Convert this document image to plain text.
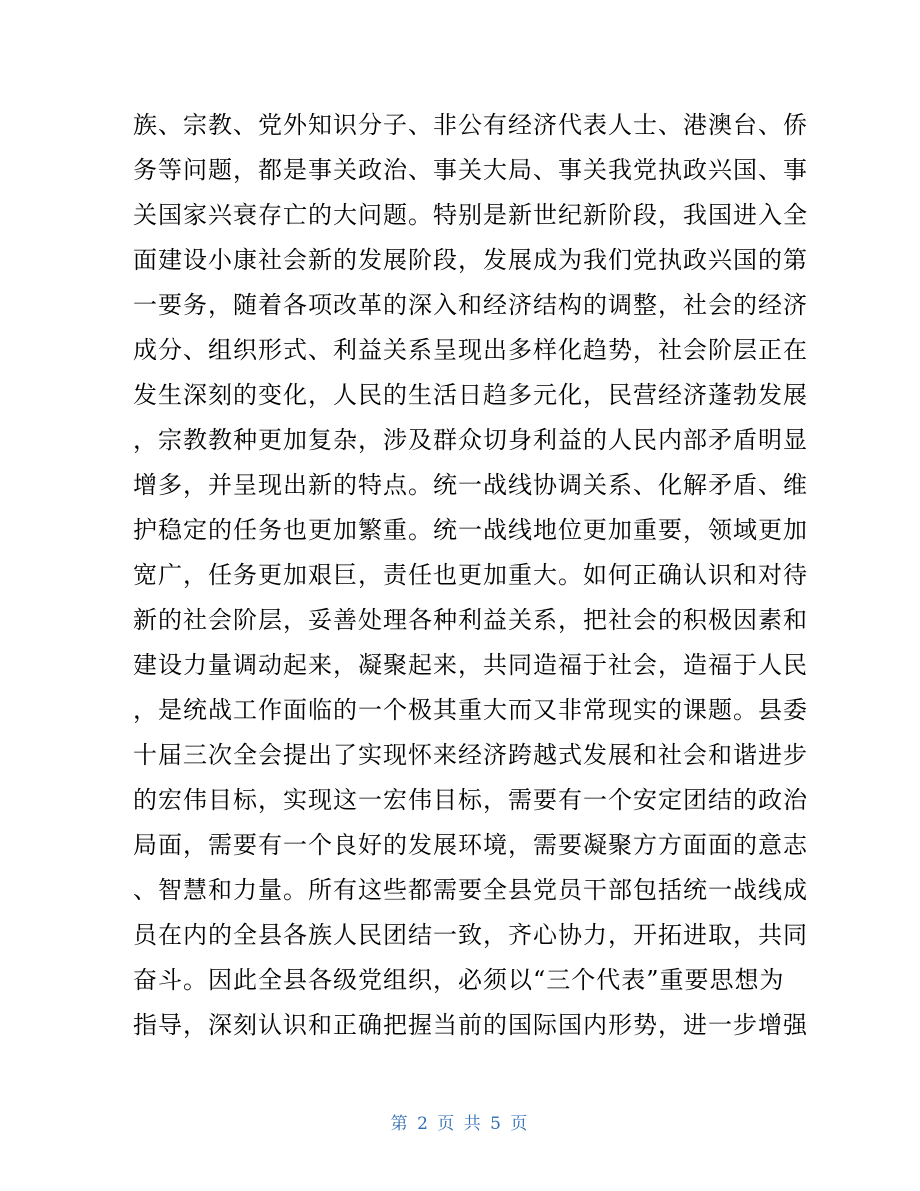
族、宗教、党外知识分子、非公有经济代表人士、港澳台、侨
务等问题，都是事关政治、事关大局、事关我党执政兴国、事
关国家兴衰存亡的大问题。特别是新世纪新阶段，我国进入全
面建设小康社会新的发展阶段，发展成为我们党执政兴国的第
一要务，随着各项改革的深入和经济结构的调整，社会的经济
成分、组织形式、利益关系呈现出多样化趋势，社会阶层正在
发生深刻的变化，人民的生活日趋多元化，民营经济蓬勃发展
，宗教教种更加复杂，涉及群众切身利益的人民内部矛盾明显
增多，并呈现出新的特点。统一战线协调关系、化解矛盾、维
护稳定的任务也更加繁重。统一战线地位更加重要，领域更加
宽广，任务更加艰巨，责任也更加重大。如何正确认识和对待
新的社会阶层，妥善处理各种利益关系，把社会的积极因素和
建设力量调动起来，凝聚起来，共同造福于社会，造福于人民
，是统战工作面临的一个极其重大而又非常现实的课题。县委
十届三次全会提出了实现怀来经济跨越式发展和社会和谐进步
的宏伟目标，实现这一宏伟目标，需要有一个安定团结的政治
局面，需要有一个良好的发展环境，需要凝聚方方面面的意志
、智慧和力量。所有这些都需要全县党员干部包括统一战线成
员在内的全县各族人民团结一致，齐心协力，开拓进取，共同
奋斗。因此全县各级党组织，必须以“三个代表”重要思想为
指导，深刻认识和正确把握当前的国际国内形势，进一步增强
第 2 页 共 5 页
